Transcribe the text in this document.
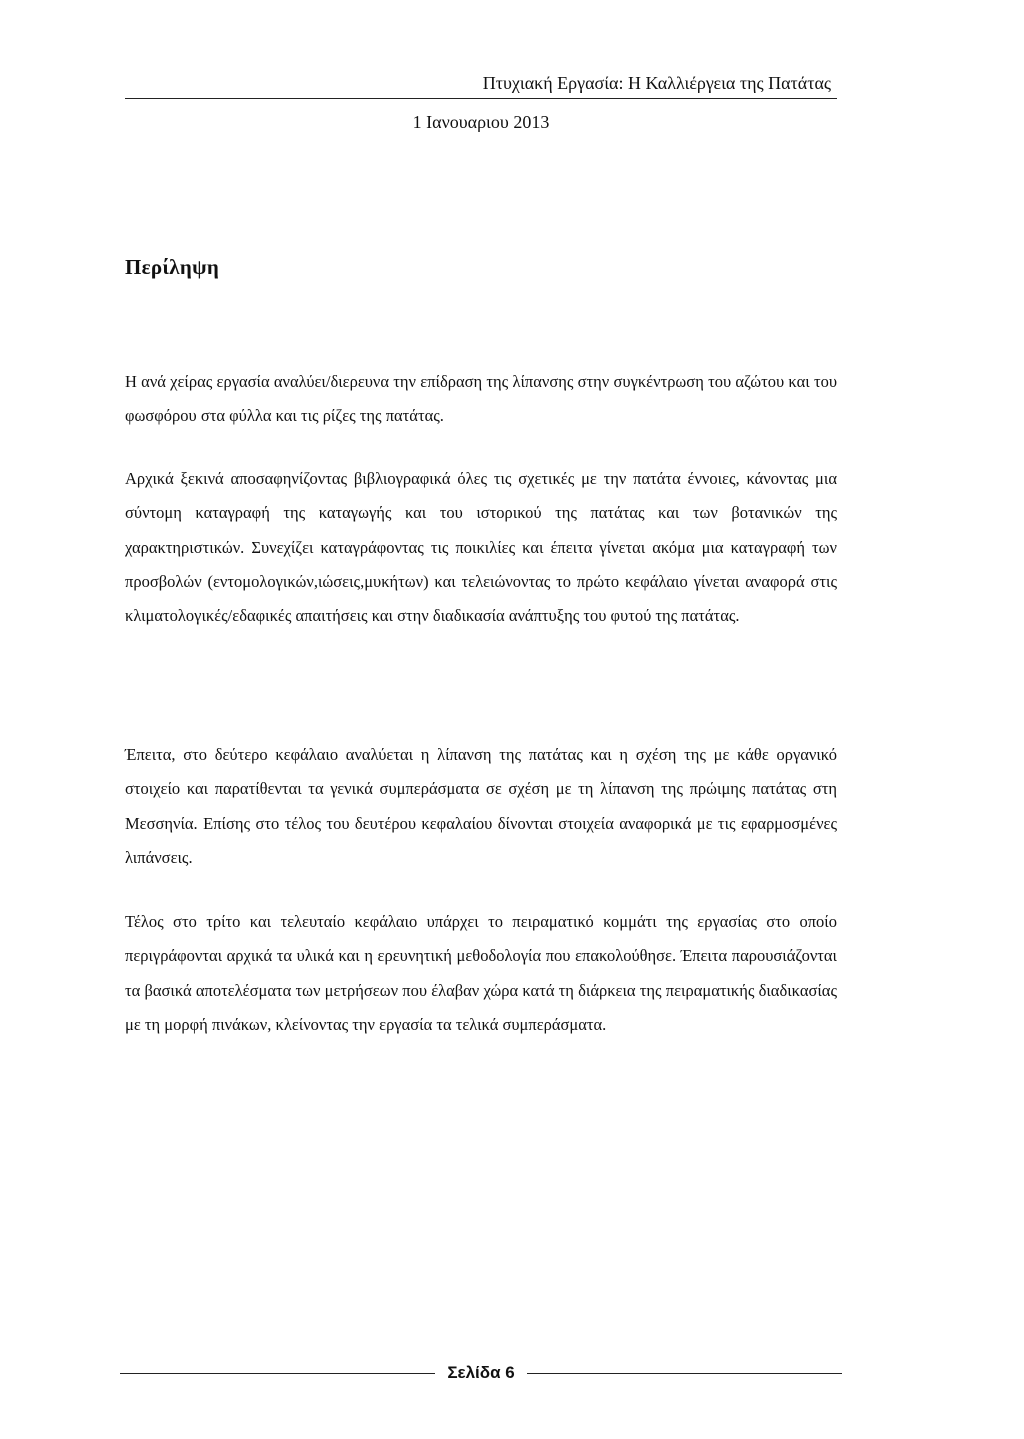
Πτυχιακή Εργασία: Η Καλλιέργεια της Πατάτας
1 Ιανουαριου 2013
Περίληψη
Η ανά χείρας εργασία αναλύει/διερευνα την επίδραση της λίπανσης στην συγκέντρωση του αζώτου και του φωσφόρου στα φύλλα και τις ρίζες της πατάτας.
Αρχικά ξεκινά αποσαφηνίζοντας βιβλιογραφικά όλες τις σχετικές με την πατάτα έννοιες, κάνοντας μια σύντομη καταγραφή της καταγωγής και του ιστορικού της πατάτας και των βοτανικών της χαρακτηριστικών. Συνεχίζει καταγράφοντας τις ποικιλίες και έπειτα γίνεται ακόμα μια καταγραφή των προσβολών (εντομολογικών,ιώσεις,μυκήτων) και τελειώνοντας το πρώτο κεφάλαιο γίνεται αναφορά στις κλιματολογικές/εδαφικές απαιτήσεις και στην διαδικασία ανάπτυξης του φυτού της πατάτας.
Έπειτα, στο δεύτερο κεφάλαιο αναλύεται η λίπανση της πατάτας και η σχέση της με κάθε οργανικό στοιχείο και παρατίθενται τα γενικά συμπεράσματα σε σχέση με τη λίπανση της πρώιμης πατάτας στη Μεσσηνία. Επίσης στο τέλος του δευτέρου κεφαλαίου δίνονται στοιχεία αναφορικά με τις εφαρμοσμένες λιπάνσεις.
Τέλος στο τρίτο και τελευταίο κεφάλαιο υπάρχει το πειραματικό κομμάτι της εργασίας στο οποίο περιγράφονται αρχικά τα υλικά και η ερευνητική μεθοδολογία που επακολούθησε. Έπειτα παρουσιάζονται τα βασικά αποτελέσματα των μετρήσεων που έλαβαν χώρα κατά τη διάρκεια της πειραματικής διαδικασίας με τη μορφή πινάκων, κλείνοντας την εργασία τα τελικά συμπεράσματα.
Σελίδα 6
